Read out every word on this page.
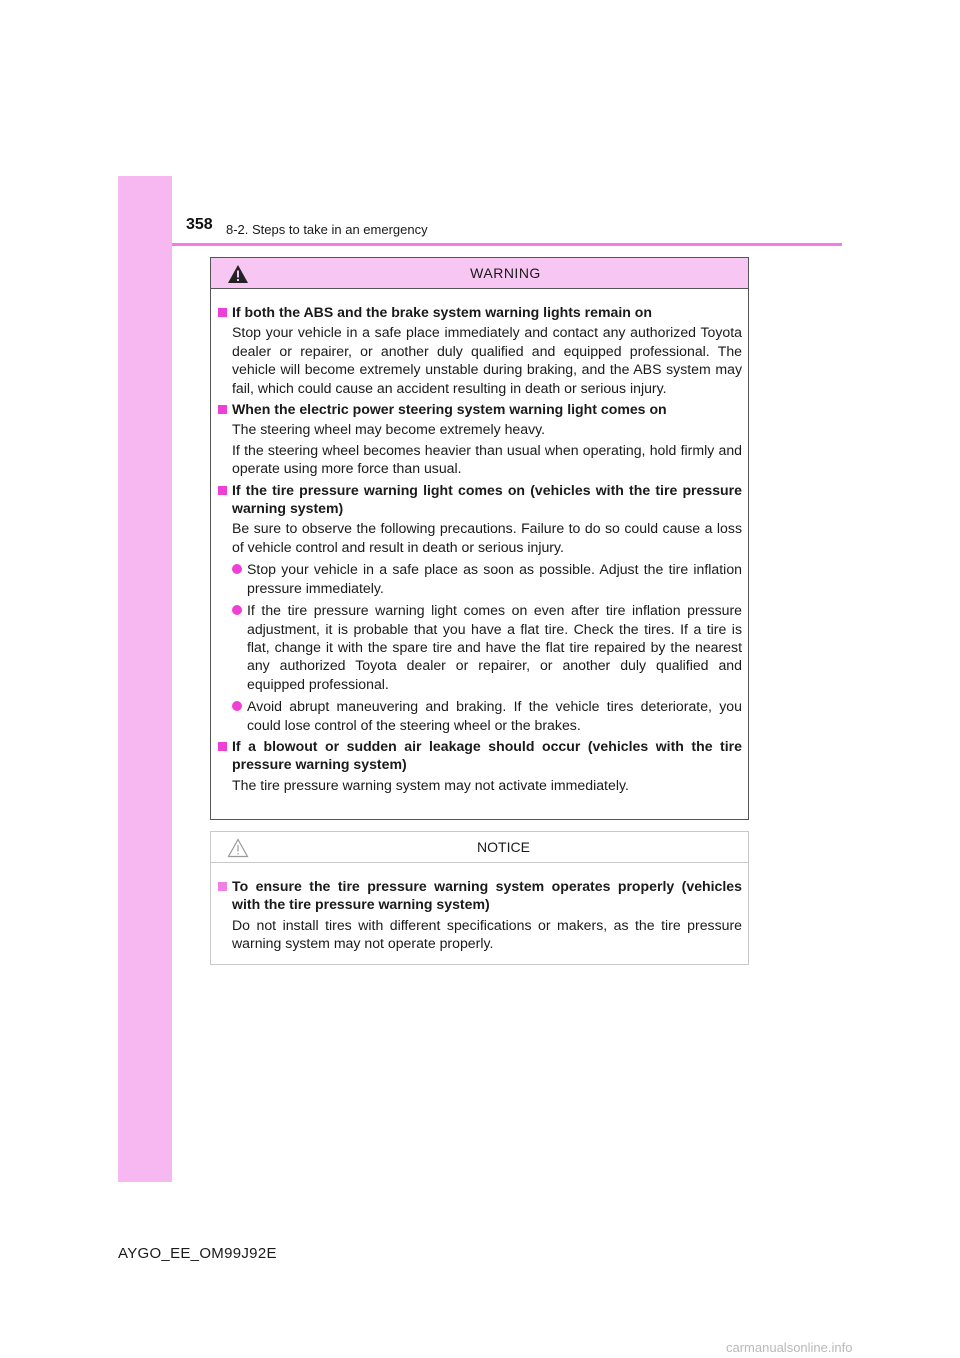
358 8-2. Steps to take in an emergency
WARNING
If both the ABS and the brake system warning lights remain on
Stop your vehicle in a safe place immediately and contact any authorized Toyota dealer or repairer, or another duly qualified and equipped professional. The vehicle will become extremely unstable during braking, and the ABS system may fail, which could cause an accident resulting in death or serious injury.
When the electric power steering system warning light comes on
The steering wheel may become extremely heavy.
If the steering wheel becomes heavier than usual when operating, hold firmly and operate using more force than usual.
If the tire pressure warning light comes on (vehicles with the tire pressure warning system)
Be sure to observe the following precautions. Failure to do so could cause a loss of vehicle control and result in death or serious injury.
Stop your vehicle in a safe place as soon as possible. Adjust the tire inflation pressure immediately.
If the tire pressure warning light comes on even after tire inflation pressure adjustment, it is probable that you have a flat tire. Check the tires. If a tire is flat, change it with the spare tire and have the flat tire repaired by the nearest any authorized Toyota dealer or repairer, or another duly qualified and equipped professional.
Avoid abrupt maneuvering and braking. If the vehicle tires deteriorate, you could lose control of the steering wheel or the brakes.
If a blowout or sudden air leakage should occur (vehicles with the tire pressure warning system)
The tire pressure warning system may not activate immediately.
NOTICE
To ensure the tire pressure warning system operates properly (vehicles with the tire pressure warning system)
Do not install tires with different specifications or makers, as the tire pressure warning system may not operate properly.
AYGO_EE_OM99J92E
carmanualsonline.info
